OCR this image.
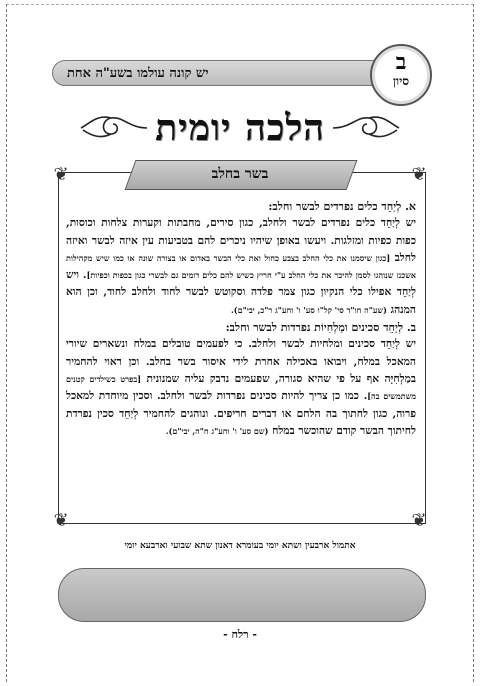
יש קונה עולמו בשע"ה אחת	ב
סיון
הלכה יומית
❦	❦
❦	❦
בשר בחלב
א. לְיַחֵד כלים נפרדים לבשר וחלב:

יש לְיַחֵד כלים נפרדים לבשר ולחלב, כגון סירים, מחבתות וקערות צלחות וכוסות, כפות כפיות ומזלגות. ויעשו באופן שיהיו ניכרים להם בטביעות עין איזה לבשר ואיזה לחלב [כגון שיסמנו את כלי החלב בצבע כחול ואת כלי הבשר באדום או בצורה שונה או כמו שיש מקהילות אשכנז שנוהגו לסמן להיכר את כלי החלב ע"י חריץ כשיש להם כלים דומים גם לבשרי כגון בכפות וכפיות]. ויש לְיַחֵד אפילו כלי הנקיון כגון צמר פלדה וסקוטש לבשר לחוד ולחלב לחוד, וכן הוא המנהג (שע"ה חו"ד סי' קל"ו סע' ו' וחע"ג ר"כ, יבי"ם).

ב. לְיַחֵד סכינים ומַלְחִיוֹת נפרדות לבשר וחלב:

יש לְיַחֵד סכינים ומלחיות לבשר ולחלב. כי לפעמים טובלים במלח ונשארים שיורי המאכל במלח, ויבואו באכילה אחרת לידי איסור בשר בחלב. וכן ראוי להחמיר במַלְחִיָּה אף על פי שהיא סגורה, שפעמים נדבק עליה שמנונית [בפרט כשילדים קטנים משתמשים בה]. כמו כן צריך להיות סכינים נפרדות לבשר ולחלב. וסכין מיוחדת למאכל פרוה, כגון לחתוך בה הלחם או דברים חריפים. ונוהגים להחמיר לְיַחֵד סכין נפרדת לחיתוך הבשר קודם שהוכשר במלח (שם סע' ו' וחע"ג ח"ה, יבי"ם).

אתמול ארבעין ושתא יומי בעומרא דאנון שתא שבועי וארבעא יומי
- רלח -
